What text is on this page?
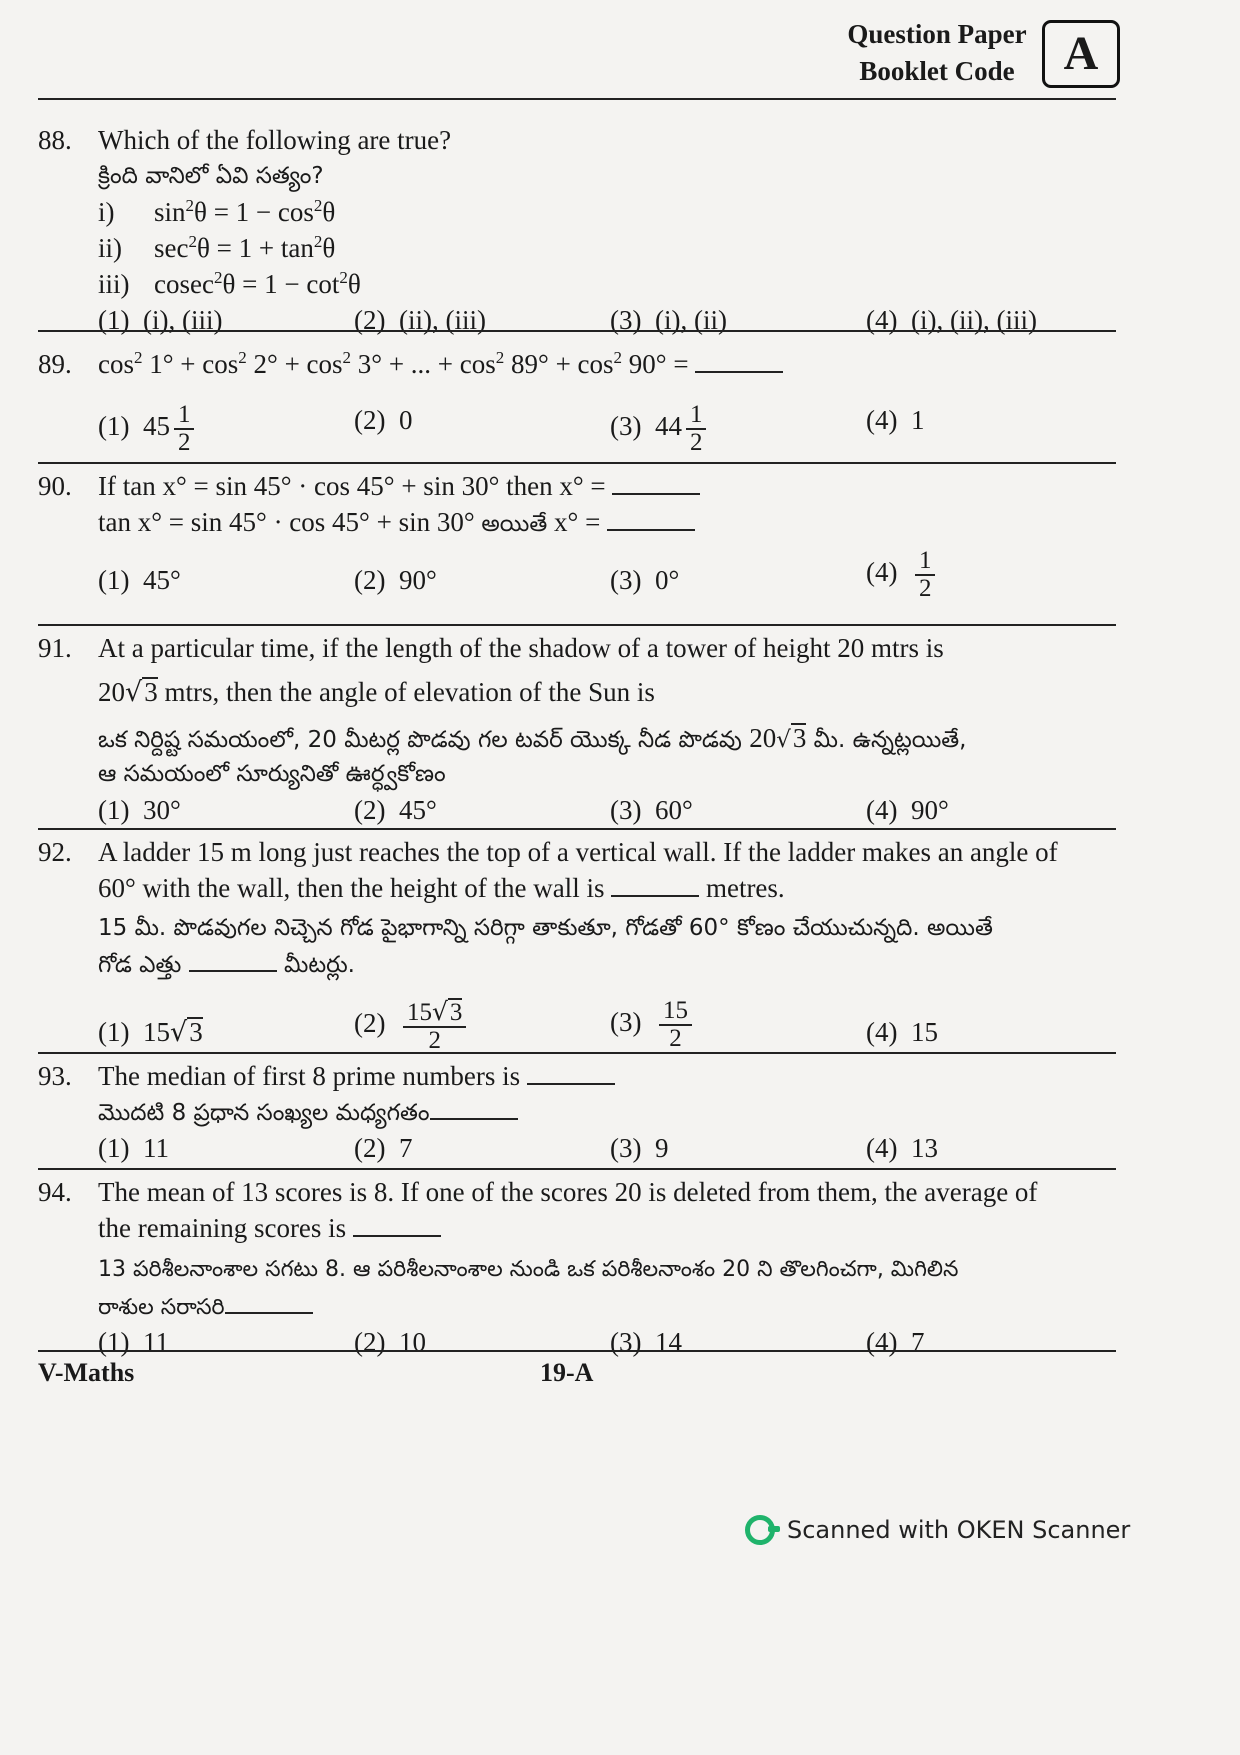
Question Paper
Booklet Code	A
88. Which of the following are true?
క్రింది వానిలో ఏవి సత్యం?
i) $\sin^2\theta = 1 - \cos^2\theta$
ii) $\sec^2\theta = 1 + \tan^2\theta$
iii) $cosec^2\theta = 1 - \cot^2\theta$
(1) (i), (iii)	(2) (ii), (iii)	(3) (i), (ii)	(4) (i), (ii), (iii)
89. $\cos^2 1^\circ + \cos^2 2^\circ + \cos^2 3^\circ$ + ... + $\cos^2 89^\circ + \cos^2 90^\circ$ =
(1) $45 \frac{1}{2}$	(2) 0	(3) $44 \frac{1}{2}$	(4) 1
90. If tan x° = sin 45° · cos 45° + sin 30° then x° =
tan x° = sin 45° · cos 45° + sin 30° అయితే x° =
(1) 45°	(2) 90°	(3) 0°	$(4) \frac{1}{2}$
91. At a particular time, if the length of the shadow of a tower of height 20 mtrs is
20√3 mtrs, then the angle of elevation of the Sun is
ఒక నిర్దిష్ట సమయంలో, 20 మీటర్ల పొడవు గల టవర్ యొక్క నీడ పొడవు 20√3 మీ. ఉన్నట్లయితే,
ఆ సమయంలో సూర్యునితో ఊర్ధ్వకోణం
(1) 30°	(2) 45°	(3) 60°	(4) 90°
92. A ladder 15 m long just reaches the top of a vertical wall. If the ladder makes an angle of
60° with the wall, then the height of the wall is	metres.
15 మీ. పొడవుగల నిచ్చెన గోడ పైభాగాన్ని సరిగ్గా తాకుతూ, గోడతో 60° కోణం చేయుచున్నది. అయితే
గోడ ఎత్తు	మీటర్లు.
(1) 15√3	$(2) \frac{15√3}{2}$	$(3) \frac{15}{2}$	(4) 15
93. The median of first 8 prime numbers is
మొదటి 8 ప్రధాన సంఖ్యల మధ్యగతం
(1) 11	(2) 7	(3) 9	(4) 13
94. The mean of 13 scores is 8. If one of the scores 20 is deleted from them, the average of
the remaining scores is
13 పరిశీలనాంశాల సగటు 8. ఆ పరిశీలనాంశాల నుండి ఒక పరిశీలనాంశం 20 ని తొలగించగా, మిగిలిన
రాశుల సరాసరి
(1) 11	(2) 10	(3) 14	(4) 7
V-Maths	19-A
Scanned with OKEN Scanner
